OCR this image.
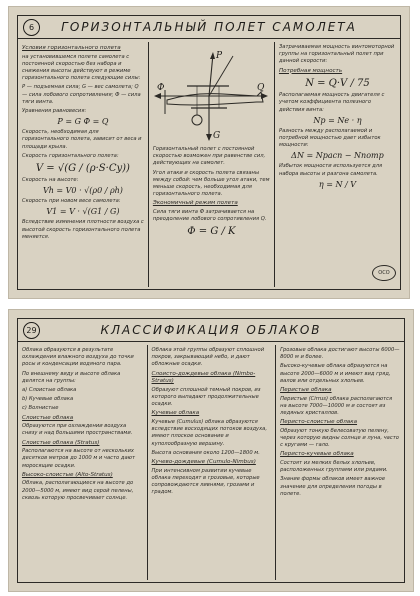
6	ГОРИЗОНТАЛЬНЫЙ ПОЛЕТ САМОЛЕТА

Условия горизонтального полета

на установившемся полете самолета с постоянной скоростью без набора и снижения высоты действуют в режиме горизонтального полета следующие силы:

P — подъемная сила; G — вес самолета; Q — сила лобового сопротивления; Ф — сила тяги винта.

Уравнения равновесия:

P = G Ф = Q

Скорость, необходимая для горизонтального полета, зависит от веса и площади крыла.

Скорость горизонтального полета:

V = √(G / (ρ·S·Cy))

Скорость на высоте:

Vh = V0 · √(ρ0 / ρh)

Скорость при новом весе самолета:

V1 = V · √(G1 / G)

Вследствие изменения плотности воздуха с высотой скорость горизонтального полета меняется.

P
Q
Ф
G

Горизонтальный полет с постоянной скоростью возможен при равенстве сил, действующих на самолет.

Угол атаки и скорость полета связаны между собой: чем больше угол атаки, тем меньше скорость, необходимая для горизонтального полета.

Экономичный режим полета

Сила тяги винта Ф затрачивается на преодоление лобового сопротивления Q.

Ф = G / K

Затрачиваемая мощность винтомоторной группы на горизонтальный полет при данной скорости:

Потребная мощность

N = Q·V / 75

Располагаемая мощность двигателя с учетом коэффициента полезного действия винта:

Nр = Ne · η

Разность между располагаемой и потребной мощностью дает избыток мощности:

ΔN = Nрасп − Nпотр

Избыток мощности используется для набора высоты и разгона самолета.

η = N / V
ОСО
29	КЛАССИФИКАЦИЯ ОБЛАКОВ

Облака образуются в результате охлаждения влажного воздуха до точки росы и конденсации водяного пара.

По внешнему виду и высоте облака делятся на группы:

a) Слоистые облака

b) Кучевые облака

c) Волнистые

Слоистые облака

Образуются при охлаждении воздуха снизу и над большими пространствами.

Слоистые облака (Stratus)

Располагаются на высоте от нескольких десятков метров до 1000 м и часто дают моросящие осадки.

Высоко-слоистые (Alto-Stratus)

Облака, располагающиеся на высоте до 2000—5000 м, имеют вид серой пелены, сквозь которую просвечивает солнце.

Облака этой группы образуют сплошной покров, закрывающий небо, и дают обложные осадки.

Слоисто-дождевые облака (Nimbo-Stratus)

Образуют сплошной темный покров, из которого выпадают продолжительные осадки.

Кучевые облака

Кучевые (Cumulus) облака образуются вследствие восходящих потоков воздуха, имеют плоское основание и куполообразную вершину.

Высота основания около 1200—1800 м.

Кучево-дождевые (Cumulo-Nimbus)

При интенсивном развитии кучевые облака переходят в грозовые, которые сопровождаются ливнями, грозами и градом.

Грозовые облака достигают высоты 6000—8000 м и более.

Высоко-кучевые облака образуются на высоте 2000—6000 м и имеют вид гряд, валов или отдельных хлопьев.

Перистые облака

Перистые (Cirrus) облака располагаются на высоте 7000—10000 м и состоят из ледяных кристаллов.

Перисто-слоистые облака

Образуют тонкую белесоватую пелену, через которую видны солнце и луна, часто с кругами — гало.

Перисто-кучевые облака

Состоят из мелких белых хлопьев, расположенных группами или рядами.

Знание формы облаков имеет важное значение для определения погоды в полете.
